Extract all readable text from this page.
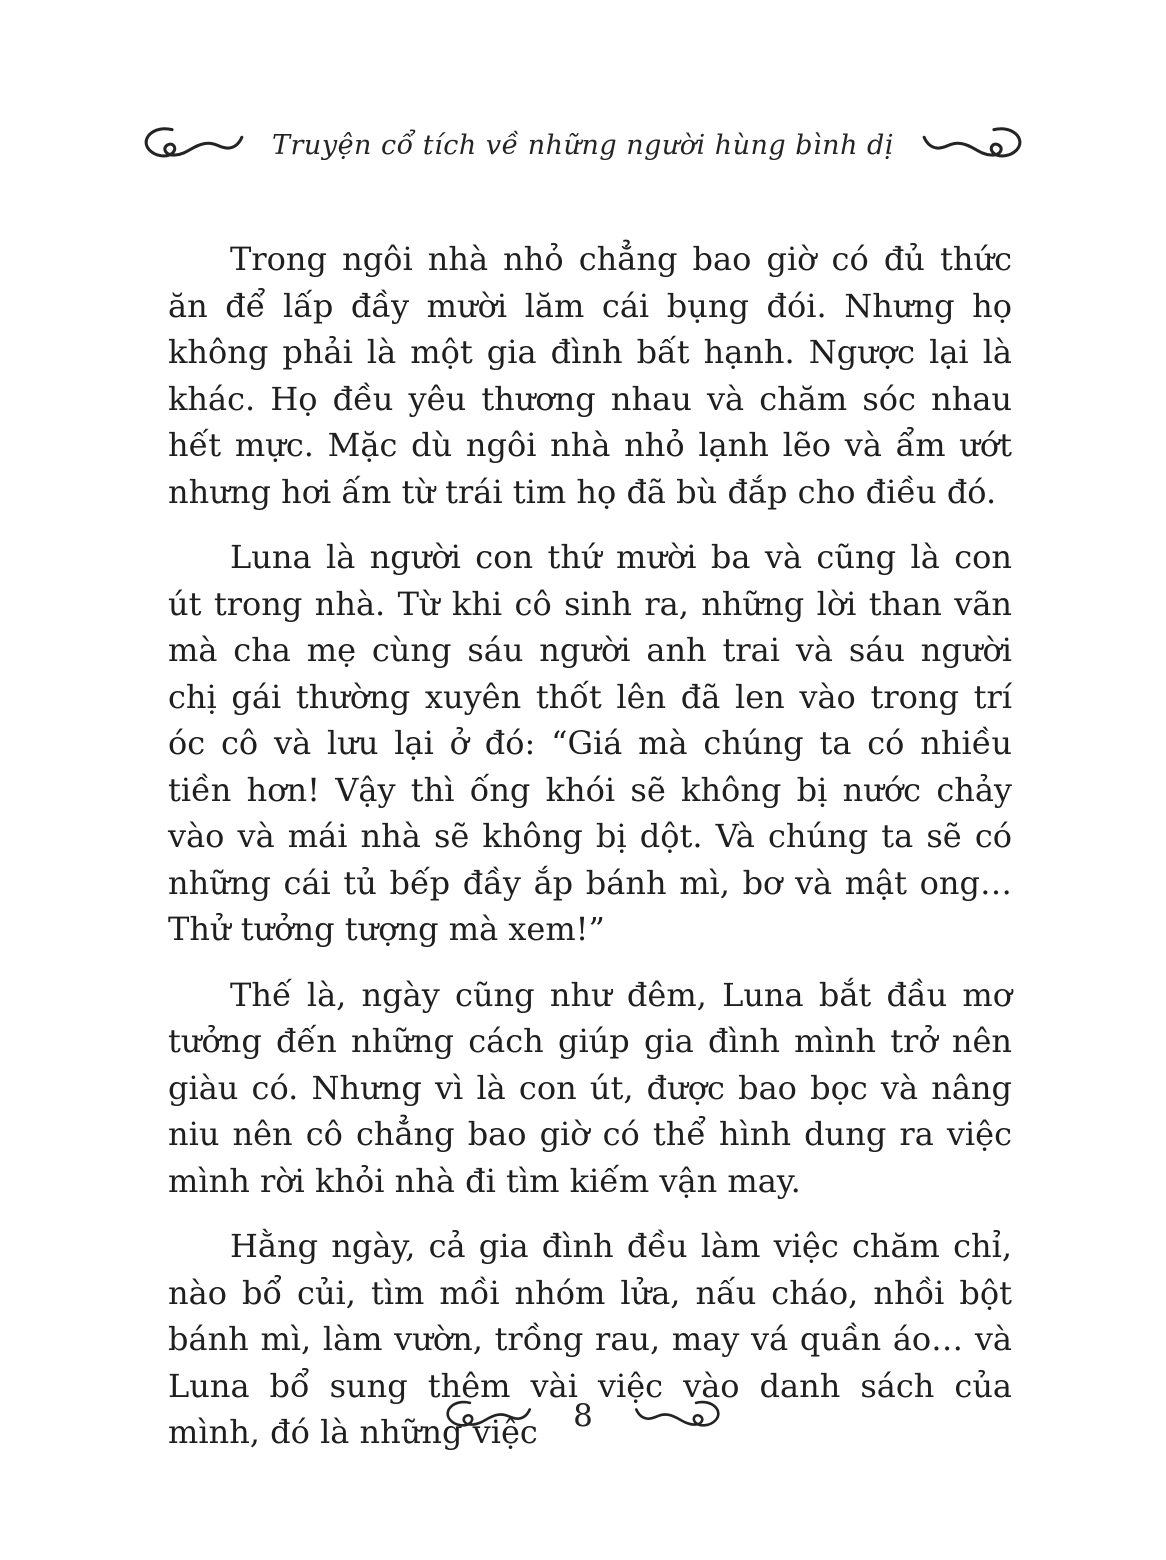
Truyện cổ tích về những người hùng bình dị

Trong ngôi nhà nhỏ chẳng bao giờ có đủ thức ăn để lấp đầy mười lăm cái bụng đói. Nhưng họ không phải là một gia đình bất hạnh. Ngược lại là khác. Họ đều yêu thương nhau và chăm sóc nhau hết mực. Mặc dù ngôi nhà nhỏ lạnh lẽo và ẩm ướt nhưng hơi ấm từ trái tim họ đã bù đắp cho điều đó.

Luna là người con thứ mười ba và cũng là con út trong nhà. Từ khi cô sinh ra, những lời than vãn mà cha mẹ cùng sáu người anh trai và sáu người chị gái thường xuyên thốt lên đã len vào trong trí óc cô và lưu lại ở đó: “Giá mà chúng ta có nhiều tiền hơn! Vậy thì ống khói sẽ không bị nước chảy vào và mái nhà sẽ không bị dột. Và chúng ta sẽ có những cái tủ bếp đầy ắp bánh mì, bơ và mật ong… Thử tưởng tượng mà xem!”

Thế là, ngày cũng như đêm, Luna bắt đầu mơ tưởng đến những cách giúp gia đình mình trở nên giàu có. Nhưng vì là con út, được bao bọc và nâng niu nên cô chẳng bao giờ có thể hình dung ra việc mình rời khỏi nhà đi tìm kiếm vận may.

Hằng ngày, cả gia đình đều làm việc chăm chỉ, nào bổ củi, tìm mồi nhóm lửa, nấu cháo, nhồi bột bánh mì, làm vườn, trồng rau, may vá quần áo… và Luna bổ sung thêm vài việc vào danh sách của mình, đó là những việc	8
